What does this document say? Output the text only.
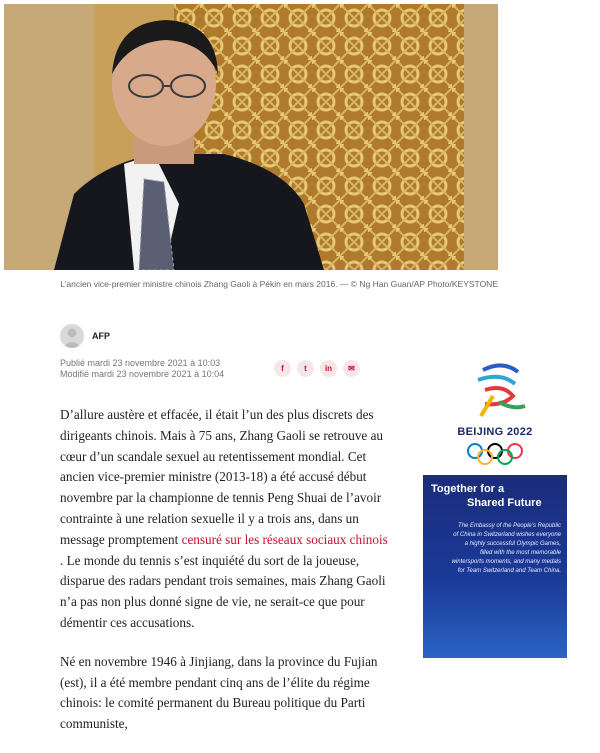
L’ancien vice-premier ministre chinois Zhang Gaoli à Pékin en mars 2016. — © Ng Han Guan/AP Photo/KEYSTONE
AFP
Publié mardi 23 novembre 2021 à 10:03
Modifié mardi 23 novembre 2021 à 10:04
f	t in ✉

D’allure austère et effacée, il était l’un des plus discrets des dirigeants chinois. Mais à 75 ans, Zhang Gaoli se retrouve au cœur d’un scandale sexuel au retentissement mondial. Cet ancien vice-premier ministre (2013-18) a été accusé début novembre par la championne de tennis Peng Shuai de l’avoir contrainte à une relation sexuelle il y a trois ans, dans un message promptement censuré sur les réseaux sociaux chinois . Le monde du tennis s’est inquiété du sort de la joueuse, disparue des radars pendant trois semaines, mais Zhang Gaoli n’a pas non plus donné signe de vie, ne serait-ce que pour démentir ces accusations.

Né en novembre 1946 à Jinjiang, dans la province du Fujian (est), il a été membre pendant cinq ans de l’élite du régime chinois: le comité permanent du Bureau politique du Parti communiste,

BEIJING 2022
Together for a
Shared Future
The Embassy of the People’s Republic
of China in Switzerland wishes everyone
a highly successful Olympic Games,
filled with the most memorable
wintersports moments, and many medals
for Team Switzerland and Team China.
